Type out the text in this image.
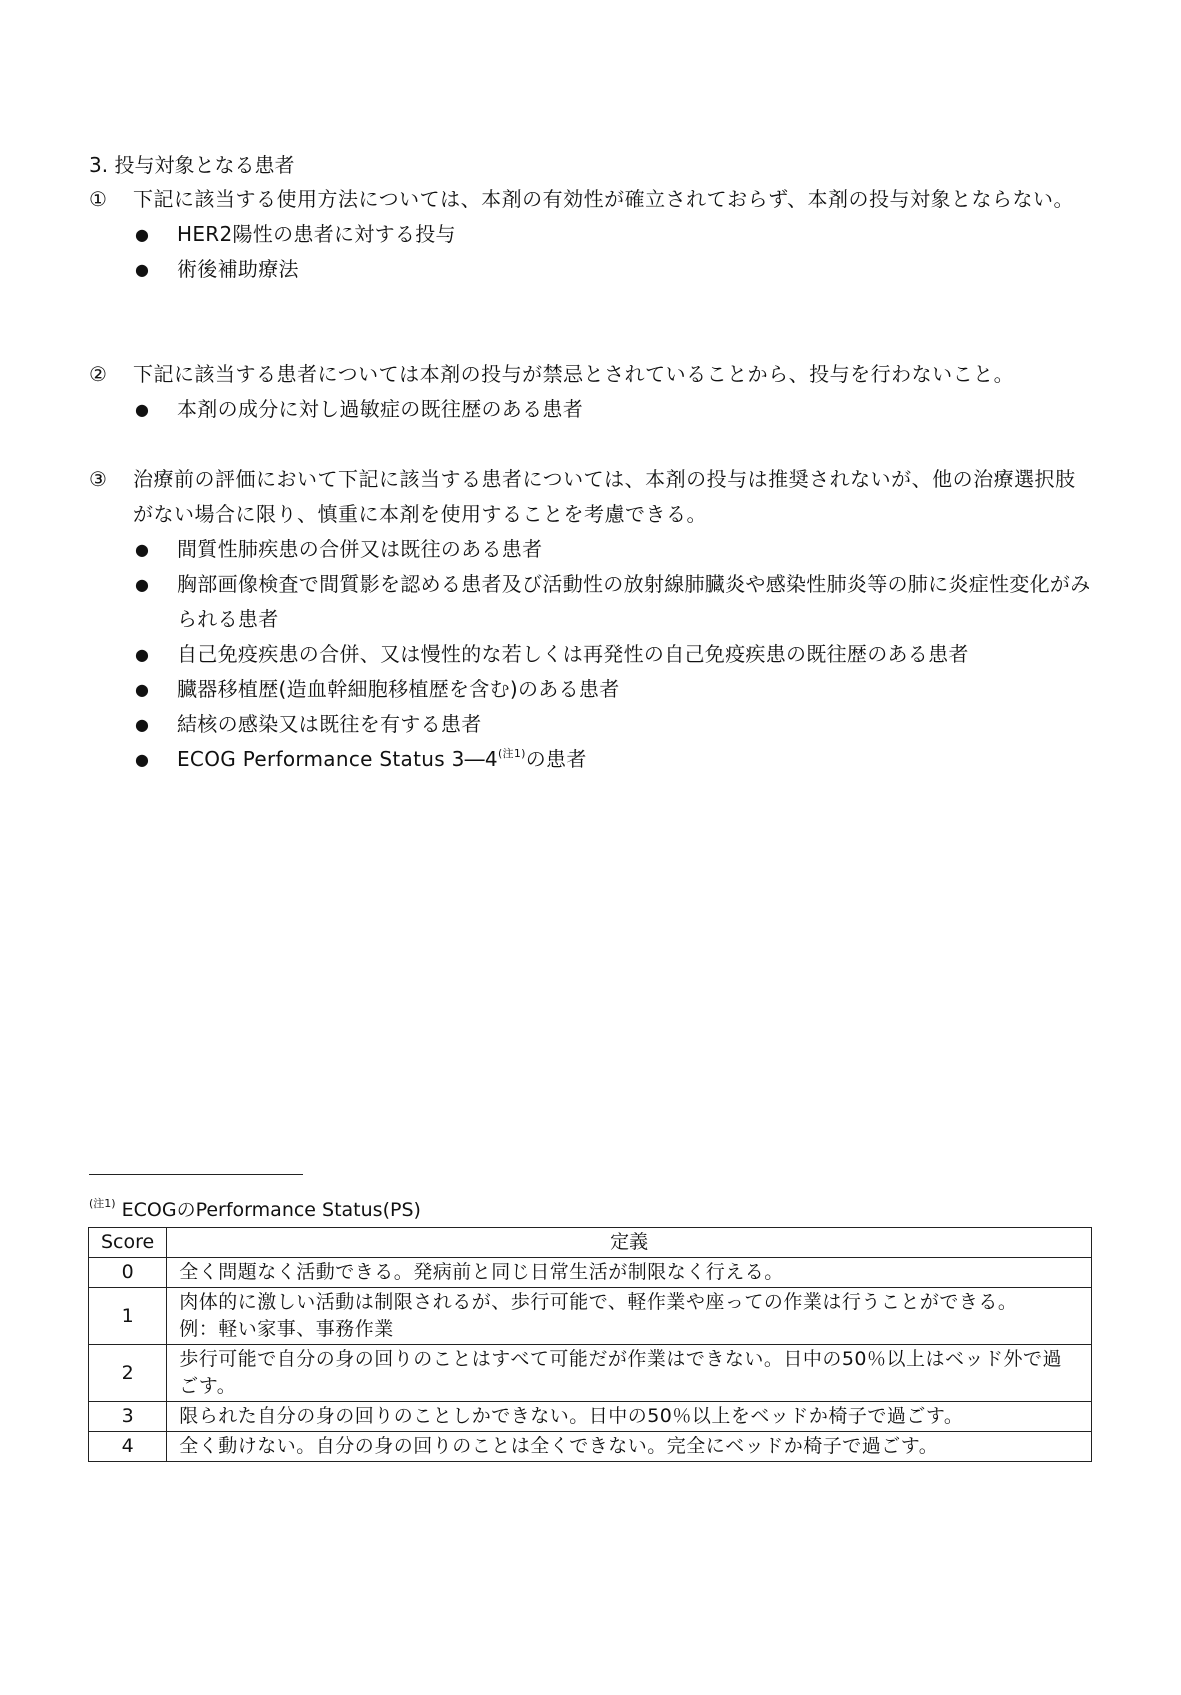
3. 投与対象となる患者
①	下記に該当する使用方法については、本剤の有効性が確立されておらず、本剤の投与対象とならない。
● HER2陽性の患者に対する投与
● 術後補助療法
②	下記に該当する患者については本剤の投与が禁忌とされていることから、投与を行わないこと。
● 本剤の成分に対し過敏症の既往歴のある患者
③	治療前の評価において下記に該当する患者については、本剤の投与は推奨されないが、他の治療選択肢がない場合に限り、慎重に本剤を使用することを考慮できる。
● 間質性肺疾患の合併又は既往のある患者
● 胸部画像検査で間質影を認める患者及び活動性の放射線肺臓炎や感染性肺炎等の肺に炎症性変化がみられる患者
● 自己免疫疾患の合併、又は慢性的な若しくは再発性の自己免疫疾患の既往歴のある患者
● 臓器移植歴(造血幹細胞移植歴を含む)のある患者
● 結核の感染又は既往を有する患者
● ECOG Performance Status 3―4$^{(注1)}$の患者
$^{(注1)}$ ECOGのPerformance Status(PS)
Score	定義
0	全く問題なく活動できる。発病前と同じ日常生活が制限なく行える。

1	肉体的に激しい活動は制限されるが、歩行可能で、軽作業や座っての作業は行うことができる。
例：軽い家事、事務作業

2	歩行可能で自分の身の回りのことはすべて可能だが作業はできない。日中の50％以上はベッド外で過ごす。

3	限られた自分の身の回りのことしかできない。日中の50％以上をベッドか椅子で過ごす。

4	全く動けない。自分の身の回りのことは全くできない。完全にベッドか椅子で過ごす。
